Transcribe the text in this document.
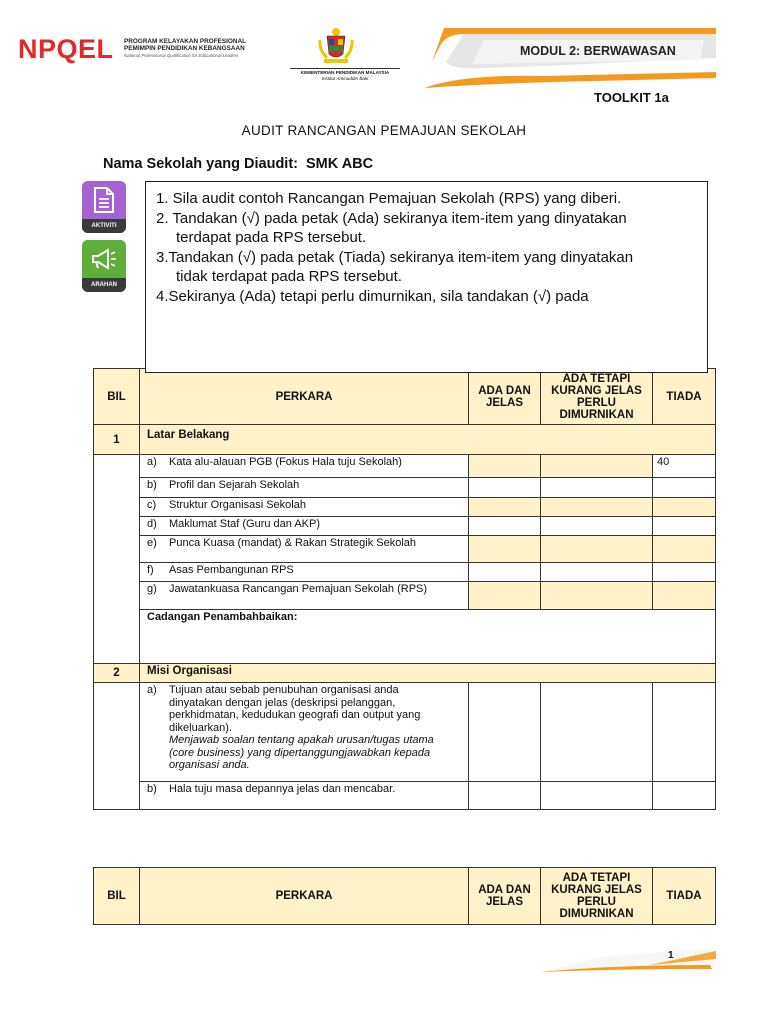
NPQEL PROGRAM KELAYAKAN PROFESIONAL
PEMIMPIN PENDIDIKAN KEBANGSAAN
National Professional Qualification for Educational Leaders
KEMENTERIAN PENDIDIKAN MALAYSIA
Institut Aminuddin Baki
MODUL 2: BERWAWASAN
TOOLKIT 1a
AUDIT RANCANGAN PEMAJUAN SEKOLAH
Nama Sekolah yang Diaudit: SMK ABC
AKTIVITI
ARAHAN

1. Sila audit contoh Rancangan Pemajuan Sekolah (RPS) yang diberi.

2. Tandakan (√) pada petak (Ada) sekiranya item-item yang dinyatakan

terdapat pada RPS tersebut.

3.Tandakan (√) pada petak (Tiada) sekiranya item-item yang dinyatakan

tidak terdapat pada RPS tersebut.

4.Sekiranya (Ada) tetapi perlu dimurnikan, sila tandakan (√) pada

BIL	PERKARA	ADA DAN JELAS	ADA TETAPI KURANG JELAS PERLU DIMURNIKAN	TIADA
1	Latar Belakang			
	a) Kata alu-alauan PGB (Fokus Hala tuju Sekolah)			40
	b) Profil dan Sejarah Sekolah			
	c) Struktur Organisasi Sekolah			
	d) Maklumat Staf (Guru dan AKP)			
	e) Punca Kuasa (mandat) & Rakan Strategik Sekolah			
	f) Asas Pembangunan RPS			
	g) Jawatankuasa Rancangan Pemajuan Sekolah (RPS)			
	Cadangan Penambahbaikan:			
2	Misi Organisasi			
	a) Tujuan atau sebab penubuhan organisasi anda dinyatakan dengan jelas (deskripsi pelanggan, perkhidmatan, kedudukan geografi dan output yang dikeluarkan).
Menjawab soalan tentang apakah urusan/tugas utama (core business) yang dipertanggungjawabkan kepada organisasi anda.			
	b) Hala tuju masa depannya jelas dan mencabar.			
BIL	PERKARA	ADA DAN JELAS	ADA TETAPI KURANG JELAS PERLU DIMURNIKAN	TIADA
1
